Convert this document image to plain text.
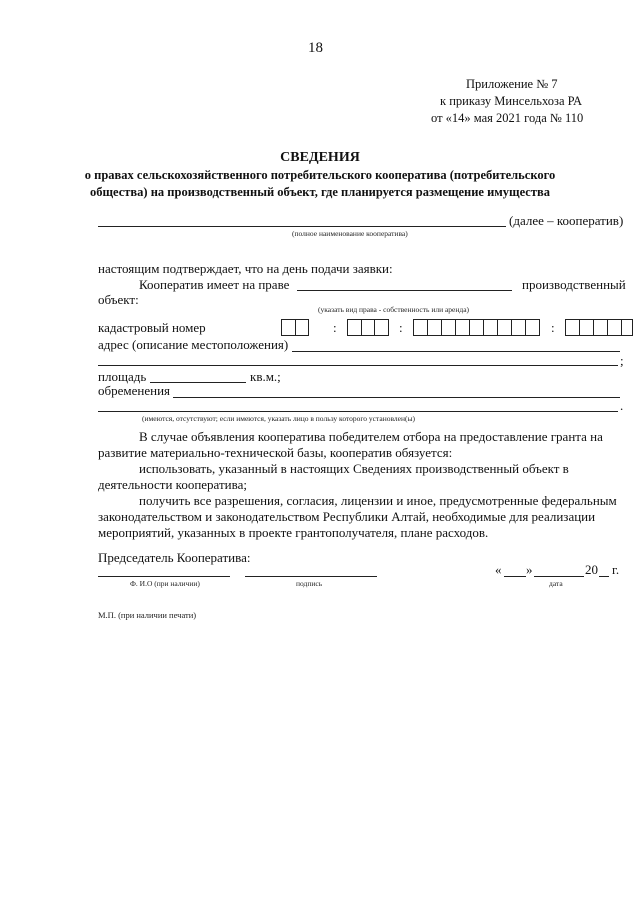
18
Приложение № 7
к приказу Минсельхоза РА
от «14» мая 2021 года № 110
СВЕДЕНИЯ
о правах сельскохозяйственного потребительского кооператива (потребительского
общества) на производственный объект, где планируется размещение имущества
(далее – кооператив)
(полное наименование кооператива)
настоящим подтверждает, что на день подачи заявки:
Кооператив имеет на праве	производственный
объект:
(указать вид права - собственность или аренда)
кадастровый номер	:	:	:
адрес (описание местоположения)
;
площадь	кв.м.;
обременения
.
(имеются, отсутствуют; если имеются, указать лицо в пользу которого установлен(ы)
В случае объявления кооператива победителем отбора на предоставление гранта на
развитие материально-технической базы, кооператив обязуется:
использовать, указанный в настоящих Сведениях производственный объект в
деятельности кооператива;
получить все разрешения, согласия, лицензии и иное, предусмотренные федеральным
законодательством и законодательством Республики Алтай, необходимые для реализации
мероприятий, указанных в проекте грантополучателя, плане расходов.
Председатель Кооператива:
Ф. И.О (при наличии)	подпись
« »	20 г.
дата
М.П. (при наличии печати)
